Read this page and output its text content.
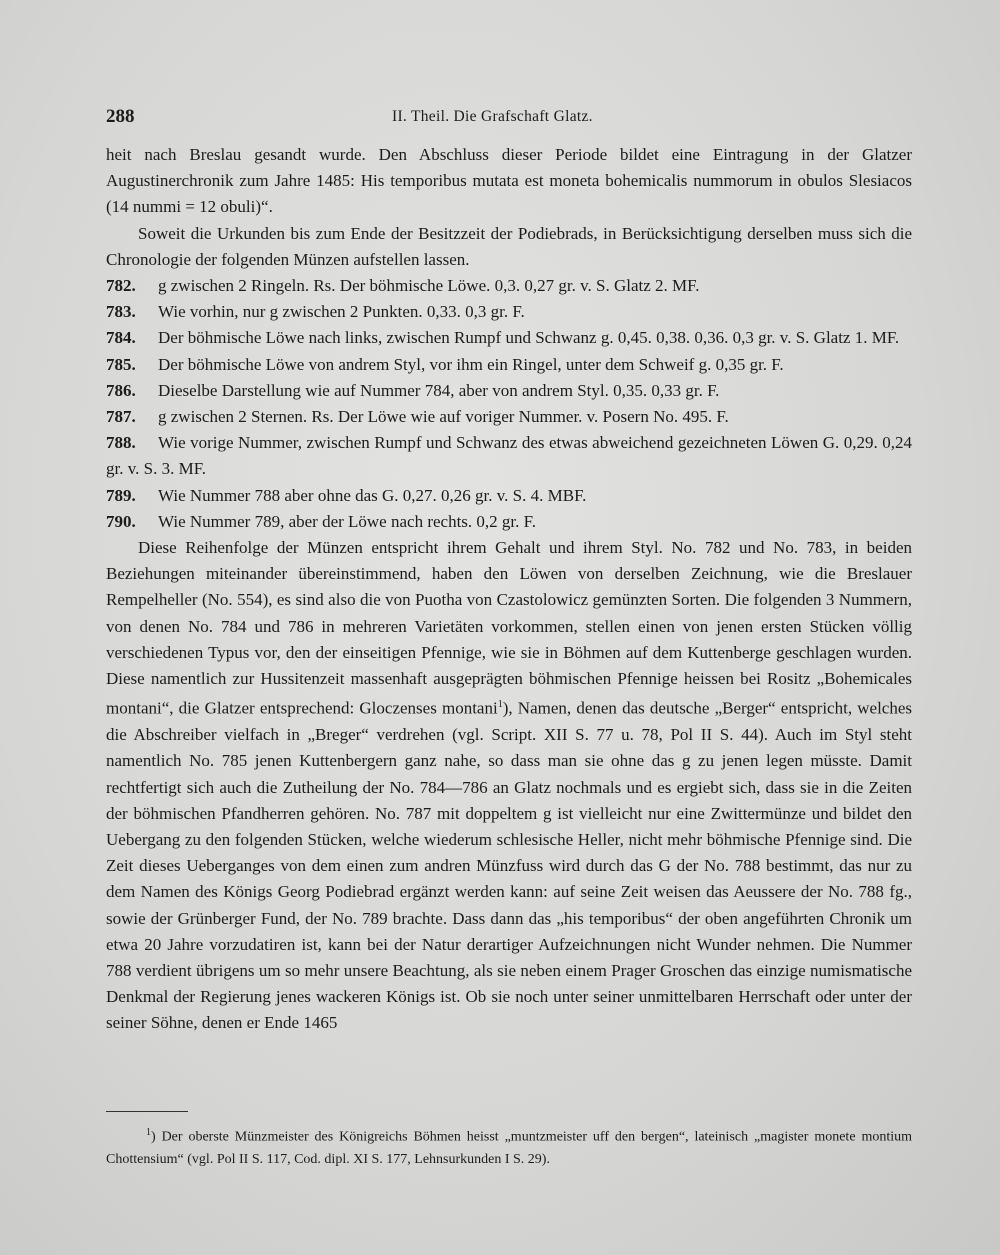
288	II. Theil. Die Grafschaft Glatz.

heit nach Breslau gesandt wurde. Den Abschluss dieser Periode bildet eine Eintragung in der Glatzer Augustinerchronik zum Jahre 1485: His temporibus mutata est moneta bohemicalis nummorum in obulos Slesiacos (14 nummi = 12 obuli)“.

Soweit die Urkunden bis zum Ende der Besitzzeit der Podiebrads, in Berücksichtigung derselben muss sich die Chronologie der folgenden Münzen aufstellen lassen.

782. g zwischen 2 Ringeln. Rs. Der böhmische Löwe. 0,3. 0,27 gr. v. S. Glatz 2. MF.

783. Wie vorhin, nur g zwischen 2 Punkten. 0,33. 0,3 gr. F.

784. Der böhmische Löwe nach links, zwischen Rumpf und Schwanz g. 0,45. 0,38. 0,36. 0,3 gr. v. S. Glatz 1. MF.

785. Der böhmische Löwe von andrem Styl, vor ihm ein Ringel, unter dem Schweif g. 0,35 gr. F.

786. Dieselbe Darstellung wie auf Nummer 784, aber von andrem Styl. 0,35. 0,33 gr. F.

787. g zwischen 2 Sternen. Rs. Der Löwe wie auf voriger Nummer. v. Posern No. 495. F.

788. Wie vorige Nummer, zwischen Rumpf und Schwanz des etwas abweichend gezeichneten Löwen G. 0,29. 0,24 gr. v. S. 3. MF.

789. Wie Nummer 788 aber ohne das G. 0,27. 0,26 gr. v. S. 4. MBF.

790. Wie Nummer 789, aber der Löwe nach rechts. 0,2 gr. F.

Diese Reihenfolge der Münzen entspricht ihrem Gehalt und ihrem Styl. No. 782 und No. 783, in beiden Beziehungen miteinander übereinstimmend, haben den Löwen von derselben Zeichnung, wie die Breslauer Rempelheller (No. 554), es sind also die von Puotha von Czastolowicz gemünzten Sorten. Die folgenden 3 Nummern, von denen No. 784 und 786 in mehreren Varietäten vorkommen, stellen einen von jenen ersten Stücken völlig verschiedenen Typus vor, den der einseitigen Pfennige, wie sie in Böhmen auf dem Kuttenberge geschlagen wurden. Diese namentlich zur Hussitenzeit massenhaft ausgeprägten böhmischen Pfennige heissen bei Rositz „Bohemicales montani“, die Glatzer entsprechend: Gloczenses montani$^1$), Namen, denen das deutsche „Berger“ entspricht, welches die Abschreiber vielfach in „Breger“ verdrehen (vgl. Script. XII S. 77 u. 78, Pol II S. 44). Auch im Styl steht namentlich No. 785 jenen Kuttenbergern ganz nahe, so dass man sie ohne das g zu jenen legen müsste. Damit rechtfertigt sich auch die Zutheilung der No. 784—786 an Glatz nochmals und es ergiebt sich, dass sie in die Zeiten der böhmischen Pfandherren gehören. No. 787 mit doppeltem g ist vielleicht nur eine Zwittermünze und bildet den Uebergang zu den folgenden Stücken, welche wiederum schlesische Heller, nicht mehr böhmische Pfennige sind. Die Zeit dieses Ueberganges von dem einen zum andren Münzfuss wird durch das G der No. 788 bestimmt, das nur zu dem Namen des Königs Georg Podiebrad ergänzt werden kann: auf seine Zeit weisen das Aeussere der No. 788 fg., sowie der Grünberger Fund, der No. 789 brachte. Dass dann das „his temporibus“ der oben angeführten Chronik um etwa 20 Jahre vorzudatiren ist, kann bei der Natur derartiger Aufzeichnungen nicht Wunder nehmen. Die Nummer 788 verdient übrigens um so mehr unsere Beachtung, als sie neben einem Prager Groschen das einzige numismatische Denkmal der Regierung jenes wackeren Königs ist. Ob sie noch unter seiner unmittelbaren Herrschaft oder unter der seiner Söhne, denen er Ende 1465

$^1$) Der oberste Münzmeister des Königreichs Böhmen heisst „muntzmeister uff den bergen“, lateinisch „magister monete montium Chottensium“ (vgl. Pol II S. 117, Cod. dipl. XI S. 177, Lehnsurkunden I S. 29).
